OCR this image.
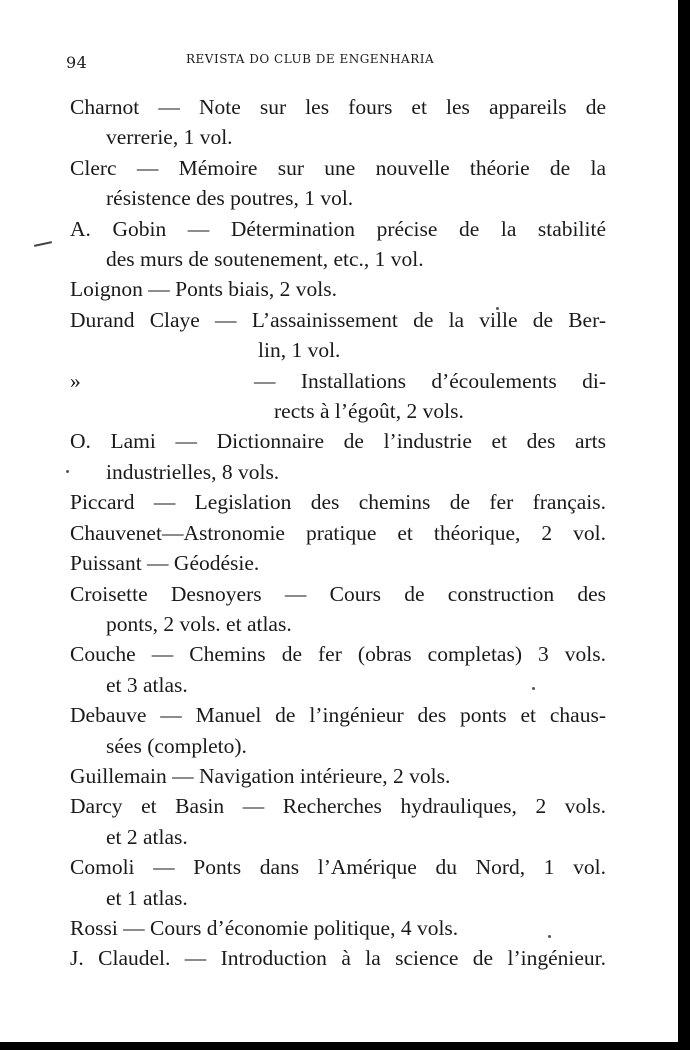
94	REVISTA DO CLUB DE ENGENHARIA
Charnot — Note sur les fours et les appareils de
verrerie, 1 vol.
Clerc — Mémoire sur une nouvelle théorie de la
résistence des poutres, 1 vol.
A. Gobin — Détermination précise de la stabilité
des murs de soutenement, etc., 1 vol.
Loignon — Ponts biais, 2 vols.
Durand Claye — L’assainissement de la ville de Ber-
lin, 1 vol.
»	— Installations d’écoulements di-
rects à l’égoût, 2 vols.
O. Lami — Dictionnaire de l’industrie et des arts
industrielles, 8 vols.
Piccard — Legislation des chemins de fer français.
Chauvenet—Astronomie pratique et théorique, 2 vol.
Puissant — Géodésie.
Croisette Desnoyers — Cours de construction des
ponts, 2 vols. et atlas.
Couche — Chemins de fer (obras completas) 3 vols.
et 3 atlas.
Debauve — Manuel de l’ingénieur des ponts et chaus-
sées (completo).
Guillemain — Navigation intérieure, 2 vols.
Darcy et Basin — Recherches hydrauliques, 2 vols.
et 2 atlas.
Comoli — Ponts dans l’Amérique du Nord, 1 vol.
et 1 atlas.
Rossi — Cours d’économie politique, 4 vols.
J. Claudel. — Introduction à la science de l’ingénieur.
